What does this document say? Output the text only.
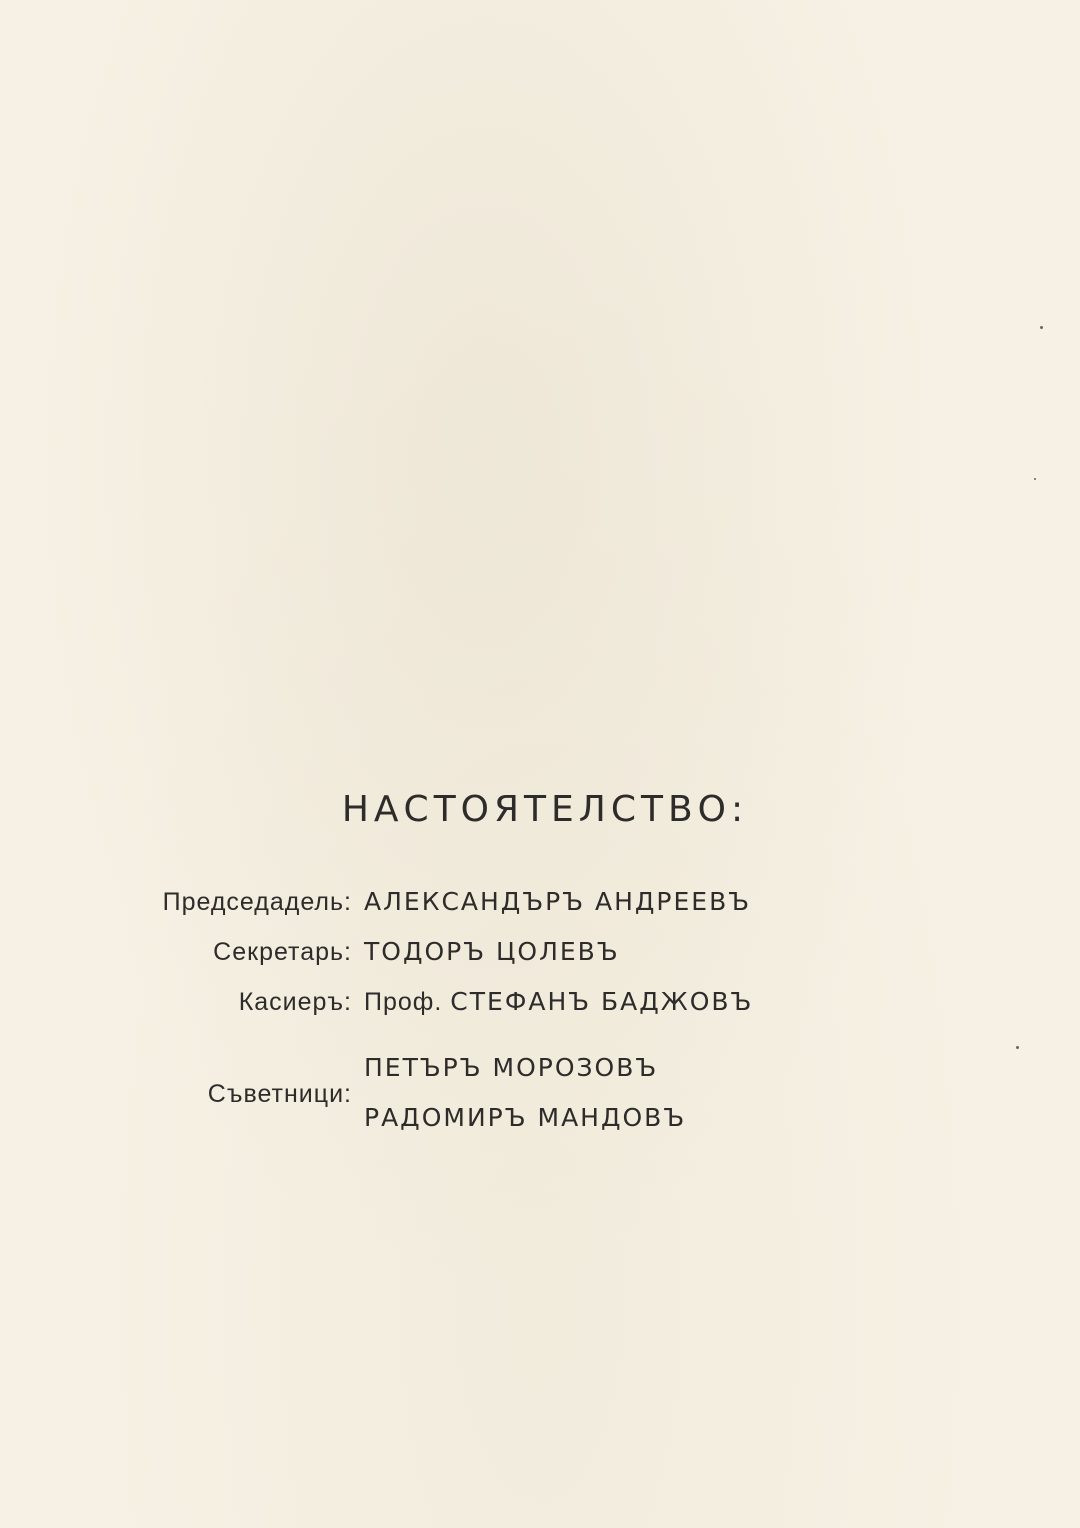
НАСТОЯТЕЛСТВО:
Председадель: АЛЕКСАНДЪРЪ АНДРЕЕВЪ
Секретарь: ТОДОРЪ ЦОЛЕВЪ
Касиеръ: Проф. СТЕФАНЪ БАДЖОВЪ
Съветници:
ПЕТЪРЪ МОРОЗОВЪ
РАДОМИРЪ МАНДОВЪ
